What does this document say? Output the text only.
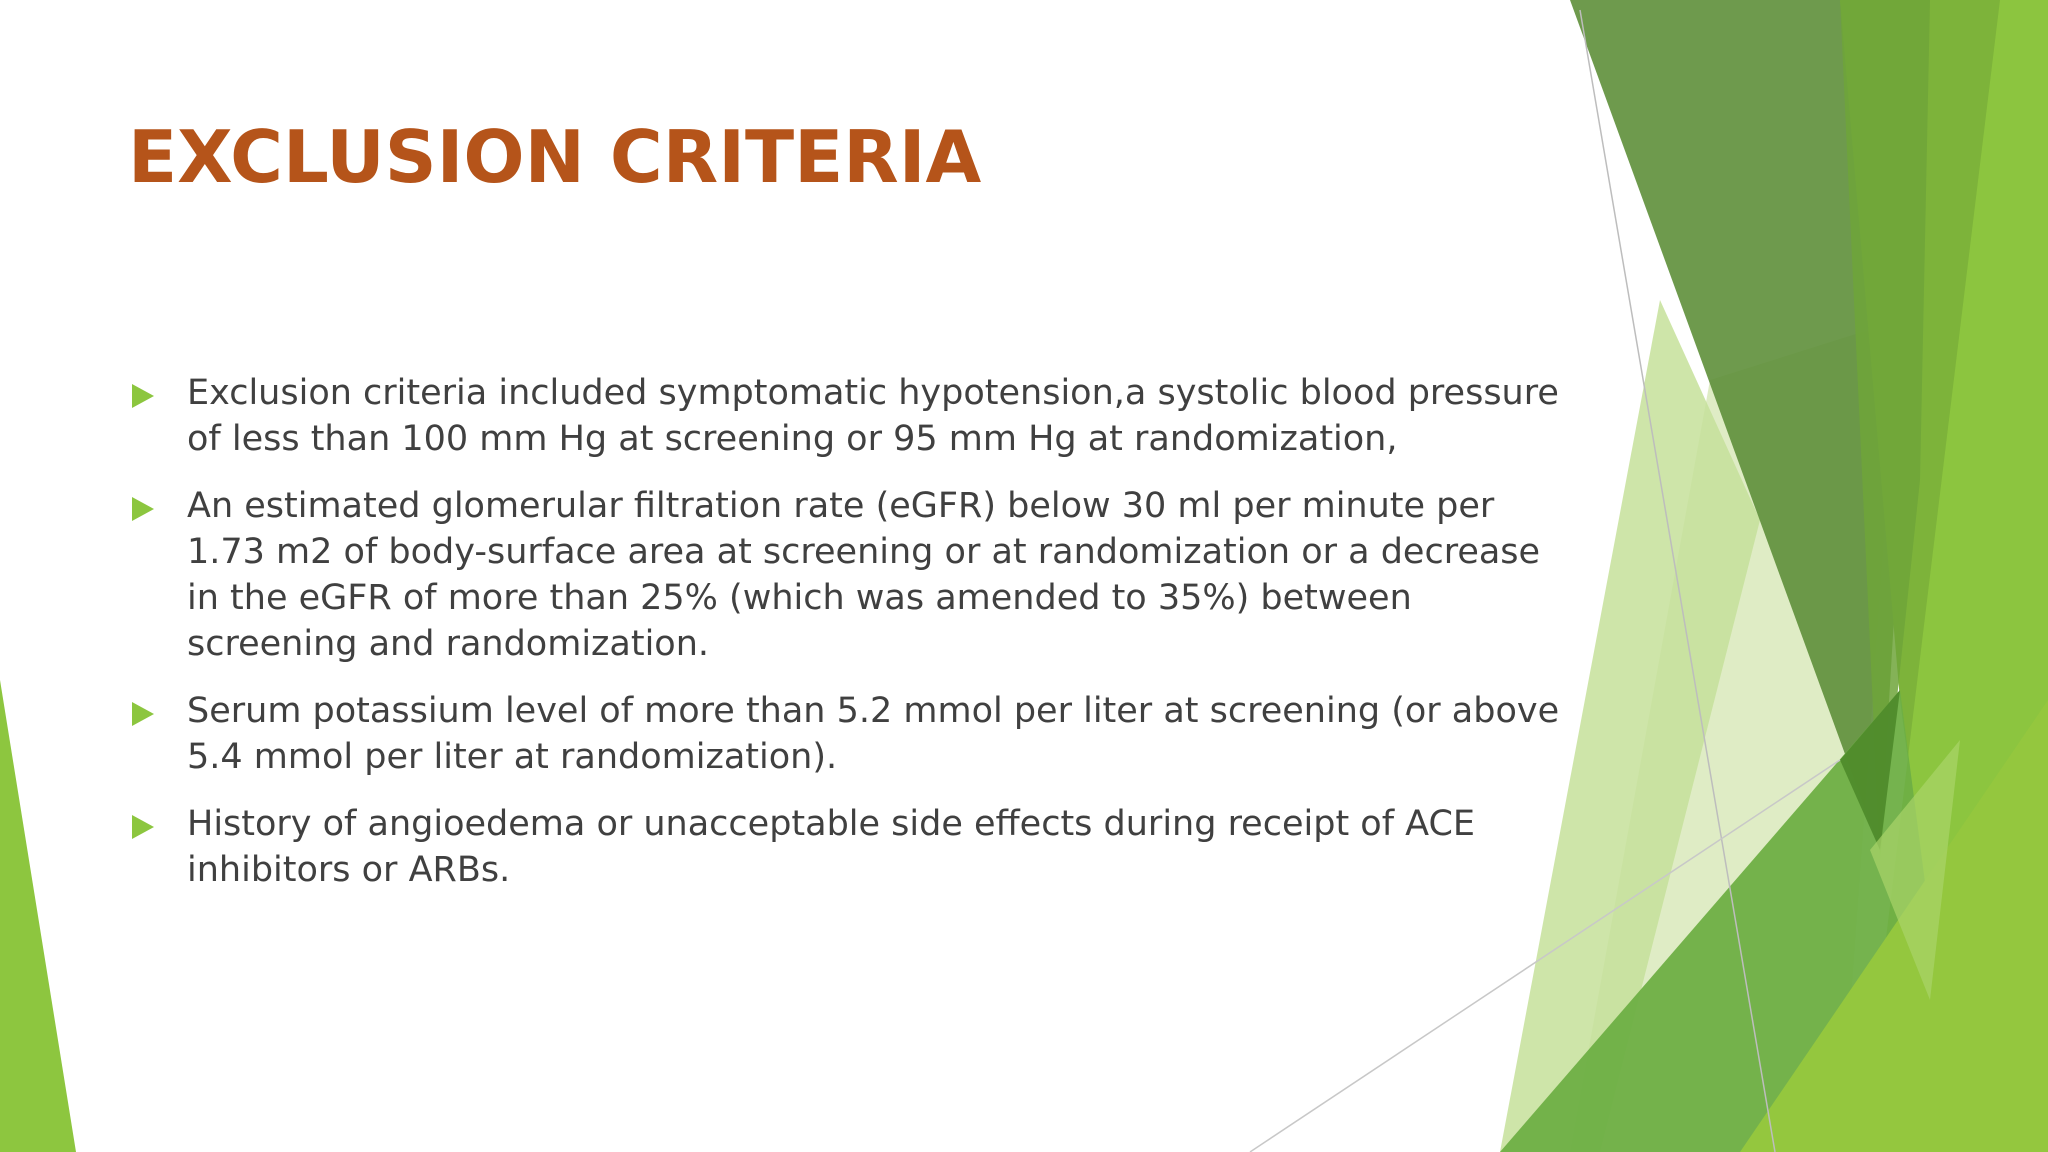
EXCLUSION CRITERIA
Exclusion criteria included symptomatic hypotension,a systolic blood pressure of less than 100 mm Hg at screening or 95 mm Hg at randomization,
An estimated glomerular filtration rate (eGFR) below 30 ml per minute per 1.73 m2 of body-surface area at screening or at randomization or a decrease in the eGFR of more than 25% (which was amended to 35%) between screening and randomization.
Serum potassium level of more than 5.2 mmol per liter at screening (or above 5.4 mmol per liter at randomization).
History of angioedema or unacceptable side effects during receipt of ACE inhibitors or ARBs.
